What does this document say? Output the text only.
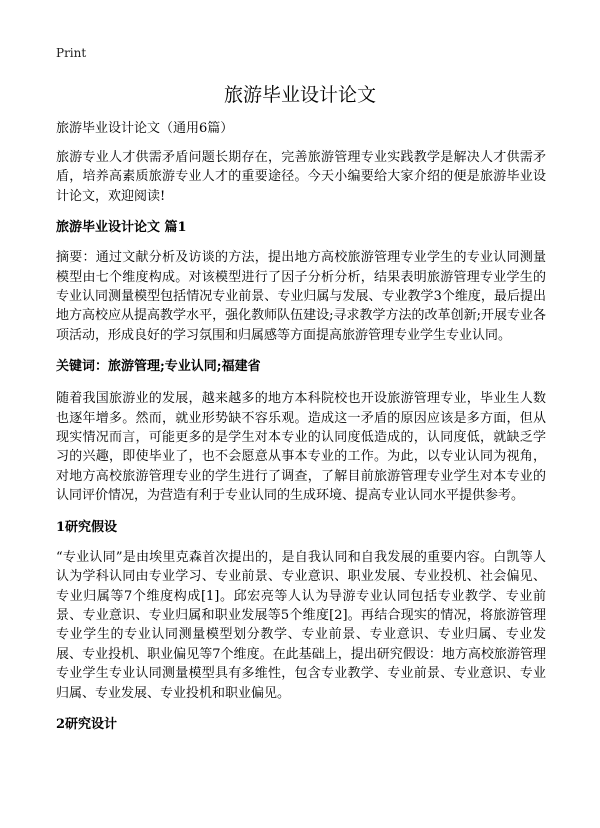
Print
旅游毕业设计论文
旅游毕业设计论文（通用6篇）

旅游专业人才供需矛盾问题长期存在，完善旅游管理专业实践教学是解决人才供需矛盾，培养高素质旅游专业人才的重要途径。今天小编要给大家介绍的便是旅游毕业设计论文，欢迎阅读!

旅游毕业设计论文 篇1

摘要：通过文献分析及访谈的方法，提出地方高校旅游管理专业学生的专业认同测量模型由七个维度构成。对该模型进行了因子分析分析，结果表明旅游管理专业学生的专业认同测量模型包括情况专业前景、专业归属与发展、专业教学3个维度，最后提出地方高校应从提高教学水平，强化教师队伍建设;寻求教学方法的改革创新;开展专业各项活动，形成良好的学习氛围和归属感等方面提高旅游管理专业学生专业认同。

关键词：旅游管理;专业认同;福建省

随着我国旅游业的发展，越来越多的地方本科院校也开设旅游管理专业，毕业生人数也逐年增多。然而，就业形势缺不容乐观。造成这一矛盾的原因应该是多方面，但从现实情况而言，可能更多的是学生对本专业的认同度低造成的，认同度低，就缺乏学习的兴趣，即使毕业了，也不会愿意从事本专业的工作。为此，以专业认同为视角，对地方高校旅游管理专业的学生进行了调查，了解目前旅游管理专业学生对本专业的认同评价情况，为营造有利于专业认同的生成环境、提高专业认同水平提供参考。

1研究假设

“专业认同”是由埃里克森首次提出的，是自我认同和自我发展的重要内容。白凯等人认为学科认同由专业学习、专业前景、专业意识、职业发展、专业投机、社会偏见、专业归属等7个维度构成[1]。邱宏亮等人认为导游专业认同包括专业教学、专业前景、专业意识、专业归属和职业发展等5个维度[2]。再结合现实的情况，将旅游管理专业学生的专业认同测量模型划分教学、专业前景、专业意识、专业归属、专业发展、专业投机、职业偏见等7个维度。在此基础上，提出研究假设：地方高校旅游管理专业学生专业认同测量模型具有多维性，包含专业教学、专业前景、专业意识、专业归属、专业发展、专业投机和职业偏见。

2研究设计
